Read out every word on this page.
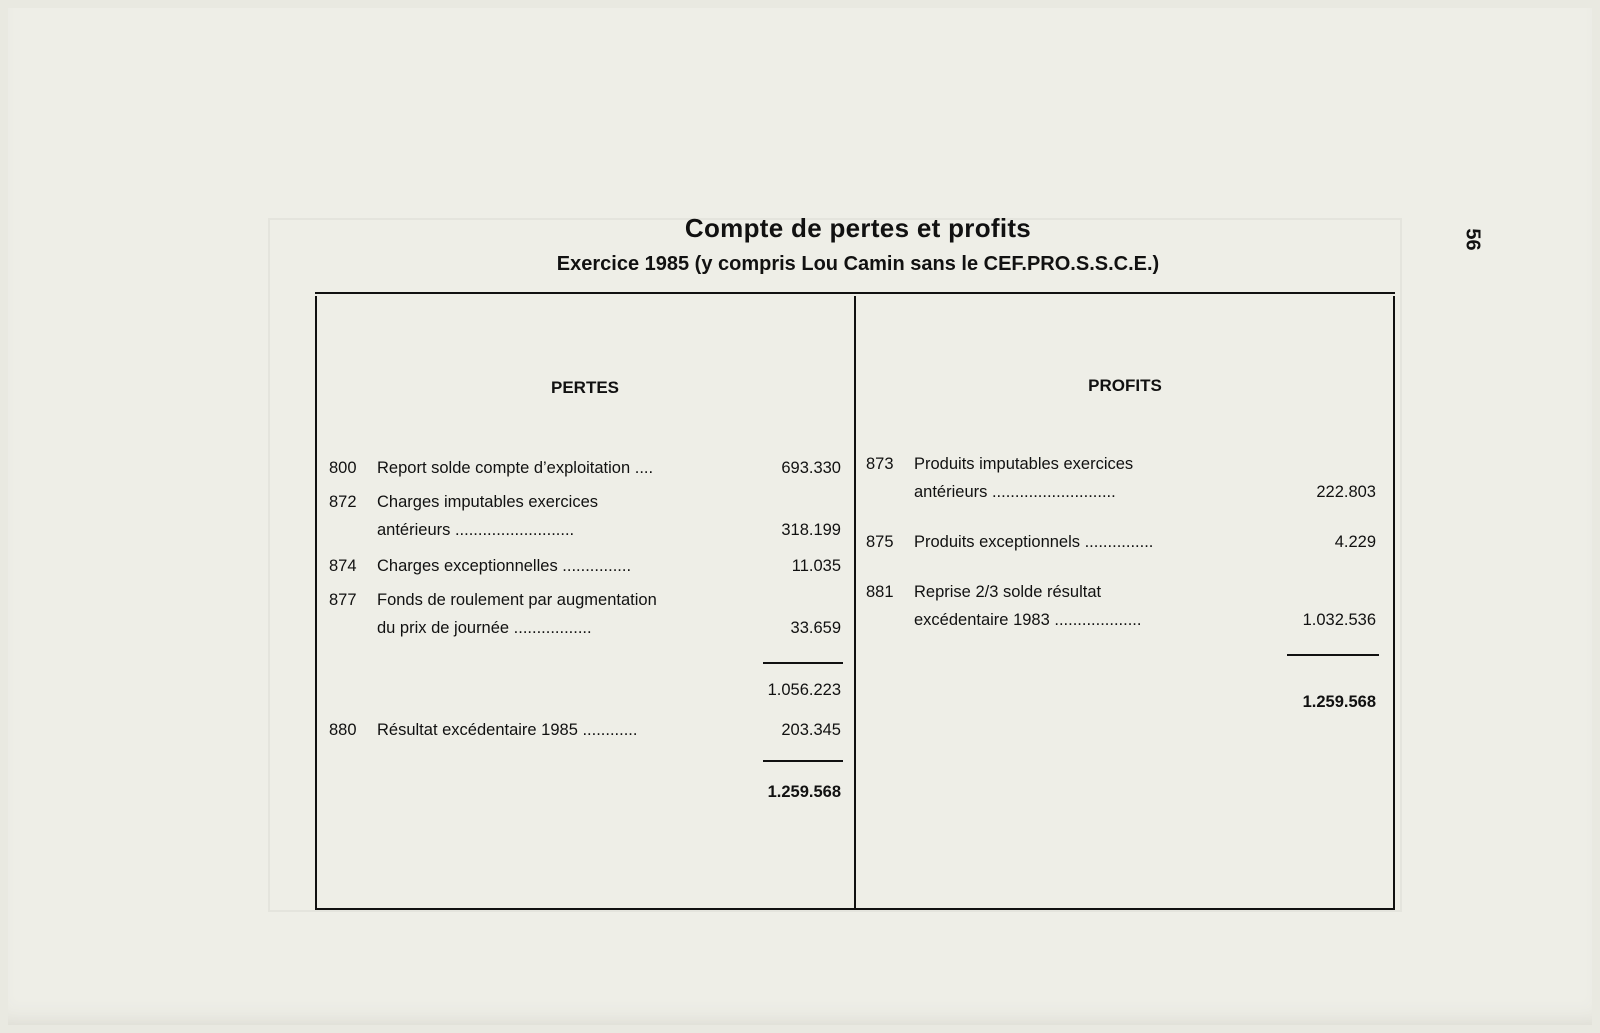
Compte de pertes et profits
Exercice 1985 (y compris Lou Camin sans le CEF.PRO.S.S.C.E.)
56
PERTES
800	Report solde compte d’exploitation ....	693.330
872	Charges imputables exercices
antérieurs ..........................	318.199
874	Charges exceptionnelles ...............	11.035
877	Fonds de roulement par augmentation
du prix de journée .................	33.659
1.056.223
880	Résultat excédentaire 1985 ............	203.345
1.259.568
PROFITS
873	Produits imputables exercices
antérieurs ...........................	222.803
875	Produits exceptionnels ...............	4.229
881	Reprise 2/3 solde résultat
excédentaire 1983 ...................	1.032.536
1.259.568
